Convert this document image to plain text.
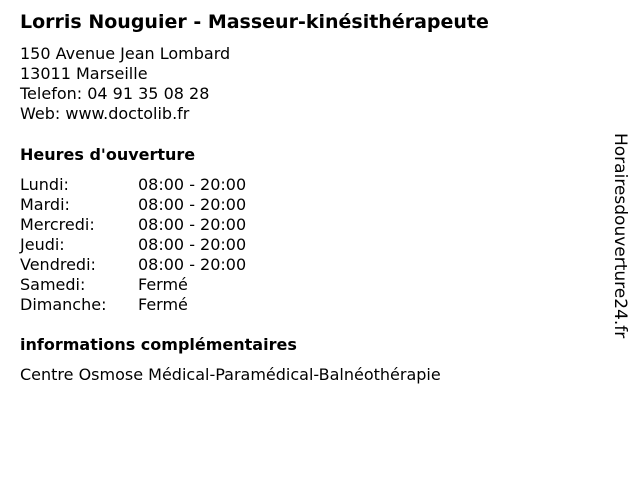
Lorris Nouguier - Masseur-kinésithérapeute
150 Avenue Jean Lombard
13011 Marseille
Telefon: 04 91 35 08 28
Web: www.doctolib.fr
Heures d'ouverture
Lundi:	08:00 - 20:00
Mardi:	08:00 - 20:00
Mercredi:	08:00 - 20:00
Jeudi:	08:00 - 20:00
Vendredi:	08:00 - 20:00
Samedi:	Fermé
Dimanche: Fermé
informations complémentaires
Centre Osmose Médical-Paramédical-Balnéothérapie
Horairesdouverture24.fr
